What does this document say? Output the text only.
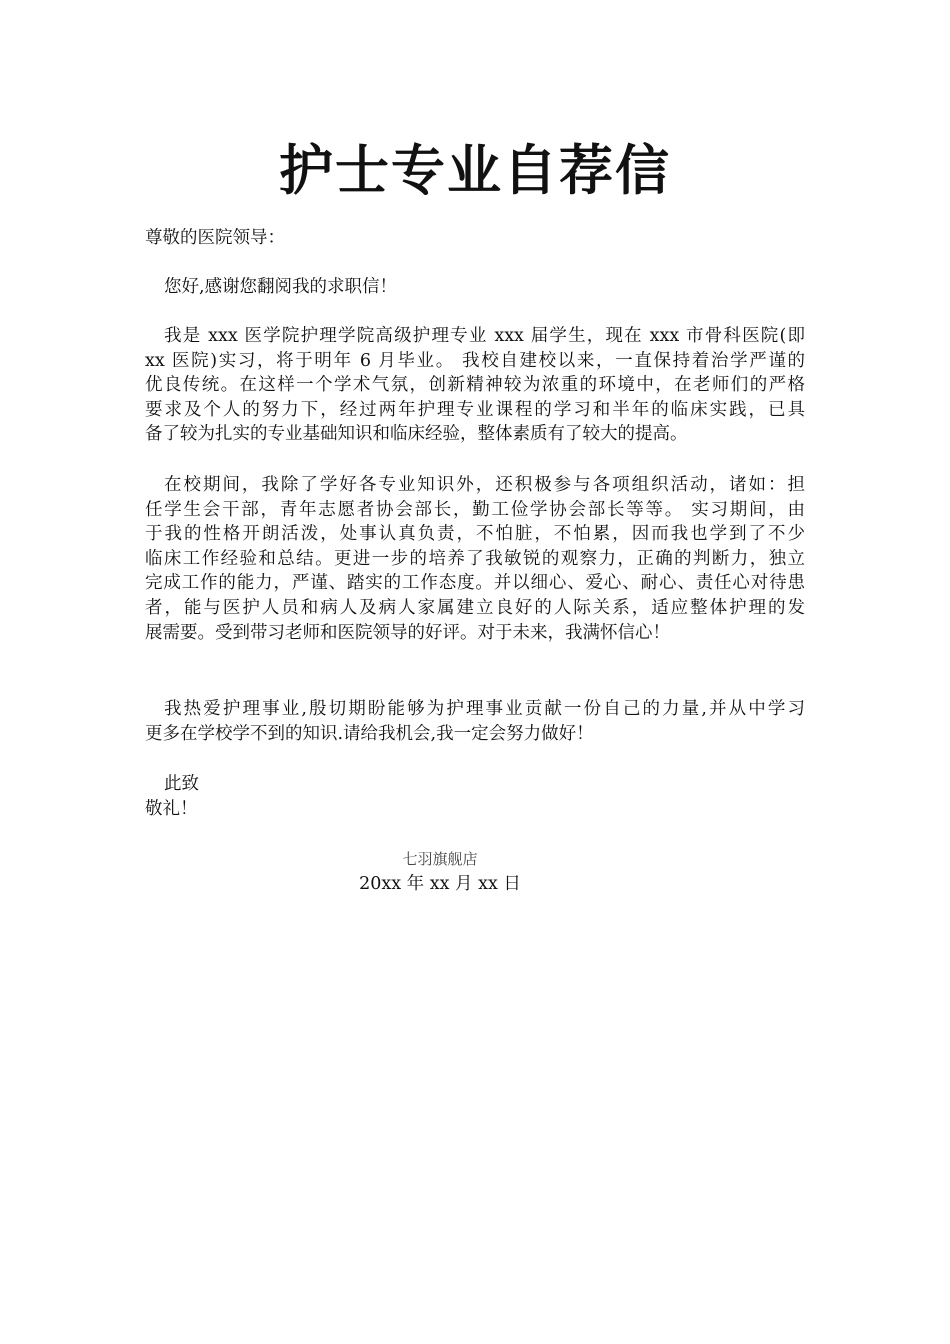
护士专业自荐信
尊敬的医院领导：
您好,感谢您翻阅我的求职信！
我是 xxx 医学院护理学院高级护理专业 xxx 届学生，现在 xxx 市骨科医院(即
xx 医院)实习，将于明年 6 月毕业。 我校自建校以来，一直保持着治学严谨的
优良传统。在这样一个学术气氛，创新精神较为浓重的环境中，在老师们的严格
要求及个人的努力下，经过两年护理专业课程的学习和半年的临床实践，已具
备了较为扎实的专业基础知识和临床经验，整体素质有了较大的提高。
在校期间，我除了学好各专业知识外，还积极参与各项组织活动，诸如：担
任学生会干部，青年志愿者协会部长，勤工俭学协会部长等等。 实习期间，由
于我的性格开朗活泼，处事认真负责，不怕脏，不怕累，因而我也学到了不少
临床工作经验和总结。更进一步的培养了我敏锐的观察力，正确的判断力，独立
完成工作的能力，严谨、踏实的工作态度。并以细心、爱心、耐心、责任心对待患
者，能与医护人员和病人及病人家属建立良好的人际关系，适应整体护理的发
展需要。受到带习老师和医院领导的好评。对于未来，我满怀信心！
我热爱护理事业,殷切期盼能够为护理事业贡献一份自己的力量,并从中学习
更多在学校学不到的知识.请给我机会,我一定会努力做好！
此致
敬礼！
七羽旗舰店
20xx 年 xx 月 xx 日
